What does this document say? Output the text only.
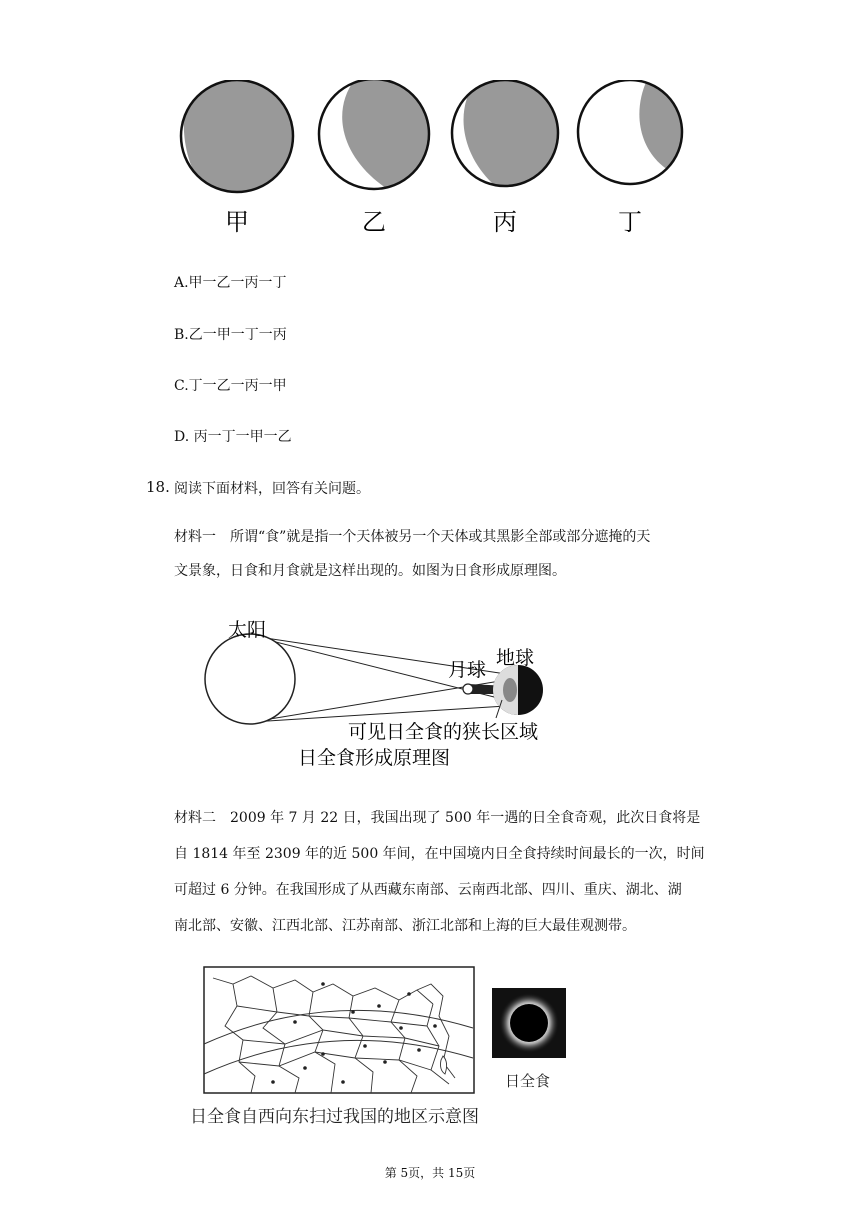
甲	乙	丙	丁
A.甲一乙一丙一丁
B.乙一甲一丁一丙
C.丁一乙一丙一甲
D. 丙一丁一甲一乙
18. 阅读下面材料，回答有关问题。
材料一　所谓“食”就是指一个天体被另一个天体或其黑影全部或部分遮掩的天
文景象，日食和月食就是这样出现的。如图为日食形成原理图。
太阳
月球
地球
可见日全食的狭长区域
日全食形成原理图
材料二　2009 年 7 月 22 日，我国出现了 500 年一遇的日全食奇观，此次日食将是
自 1814 年至 2309 年的近 500 年间，在中国境内日全食持续时间最长的一次，时间
可超过 6 分钟。在我国形成了从西藏东南部、云南西北部、四川、重庆、湖北、湖
南北部、安徽、江西北部、江苏南部、浙江北部和上海的巨大最佳观测带。
日全食
日全食自西向东扫过我国的地区示意图
第 5页，共 15页
